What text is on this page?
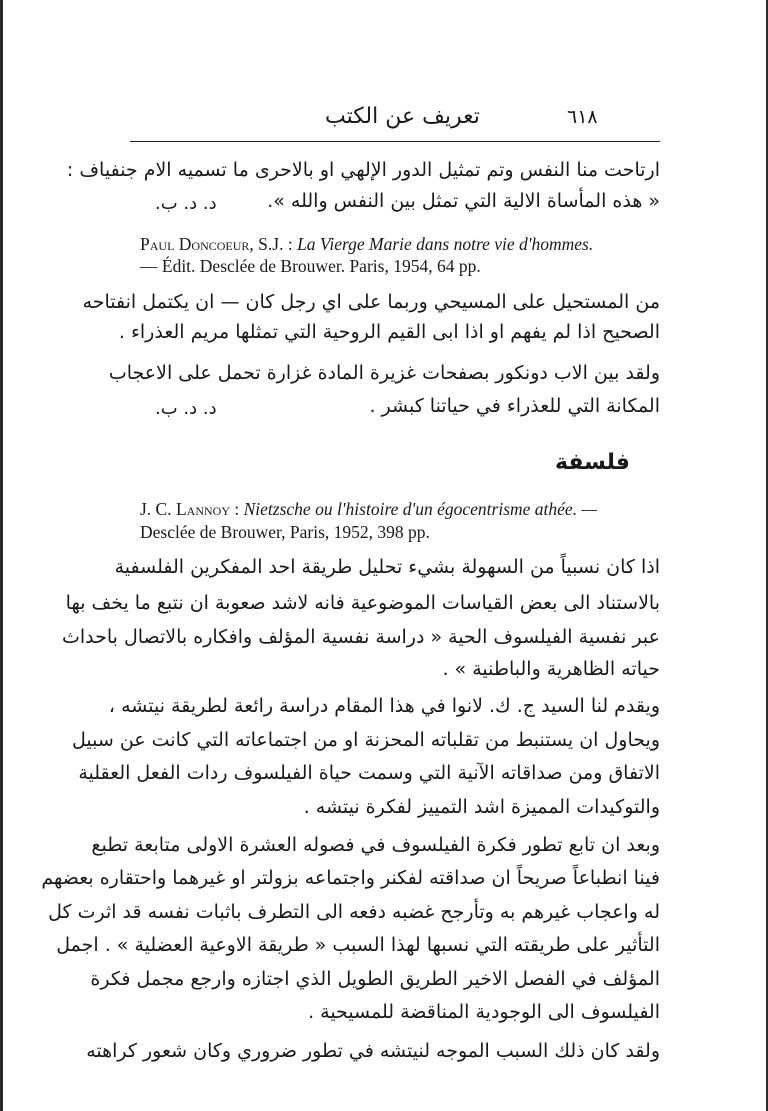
٦١٨
تعريف عن الكتب
ارتاحت منا النفس وتم تمثيل الدور الإلهي او بالاحرى ما تسميه الام جنفياف :
« هذه المأساة الالية التي تمثل بين النفس والله ».
د. د. ب.
Paul Doncoeur, S.J. : La Vierge Marie dans notre vie d'hommes.
— Édit. Desclée de Brouwer. Paris, 1954, 64 pp.
من المستحيل على المسيحي وربما على اي رجل كان — ان يكتمل انفتاحه
الصحيح اذا لم يفهم او اذا ابى القيم الروحية التي تمثلها مريم العذراء .
ولقد بين الاب دونكور بصفحات غزيرة المادة غزارة تحمل على الاعجاب
المكانة التي للعذراء في حياتنا كبشر .
د. د. ب.
فلسفة
J. C. Lannoy : Nietzsche ou l'histoire d'un égocentrisme athée. —
Desclée de Brouwer, Paris, 1952, 398 pp.
اذا كان نسبياً من السهولة بشيء تحليل طريقة احد المفكرين الفلسفية
بالاستناد الى بعض القياسات الموضوعية فانه لاشد صعوبة ان نتبع ما يخف بها
عبر نفسية الفيلسوف الحية « دراسة نفسية المؤلف وافكاره بالاتصال باحداث
حياته الظاهرية والباطنية » .
ويقدم لنا السيد ج. ك. لانوا في هذا المقام دراسة رائعة لطريقة نيتشه ،
ويحاول ان يستنبط من تقلباته المحزنة او من اجتماعاته التي كانت عن سبيل
الاتفاق ومن صداقاته الآنية التي وسمت حياة الفيلسوف ردات الفعل العقلية
والتوكيدات المميزة اشد التمييز لفكرة نيتشه .
وبعد ان تابع تطور فكرة الفيلسوف في فصوله العشرة الاولى متابعة تطبع
فينا انطباعاً صريحاً ان صداقته لفكنر واجتماعه بزولتر او غيرهما واحتقاره بعضهم
له واعجاب غيرهم به وتأرجح غضبه دفعه الى التطرف باثبات نفسه قد اثرت كل
التأثير على طريقته التي نسبها لهذا السبب « طريقة الاوعية العضلية » . اجمل
المؤلف في الفصل الاخير الطريق الطويل الذي اجتازه وارجع مجمل فكرة
الفيلسوف الى الوجودية المناقضة للمسيحية .
ولقد كان ذلك السبب الموجه لنيتشه في تطور ضروري وكان شعور كراهته
